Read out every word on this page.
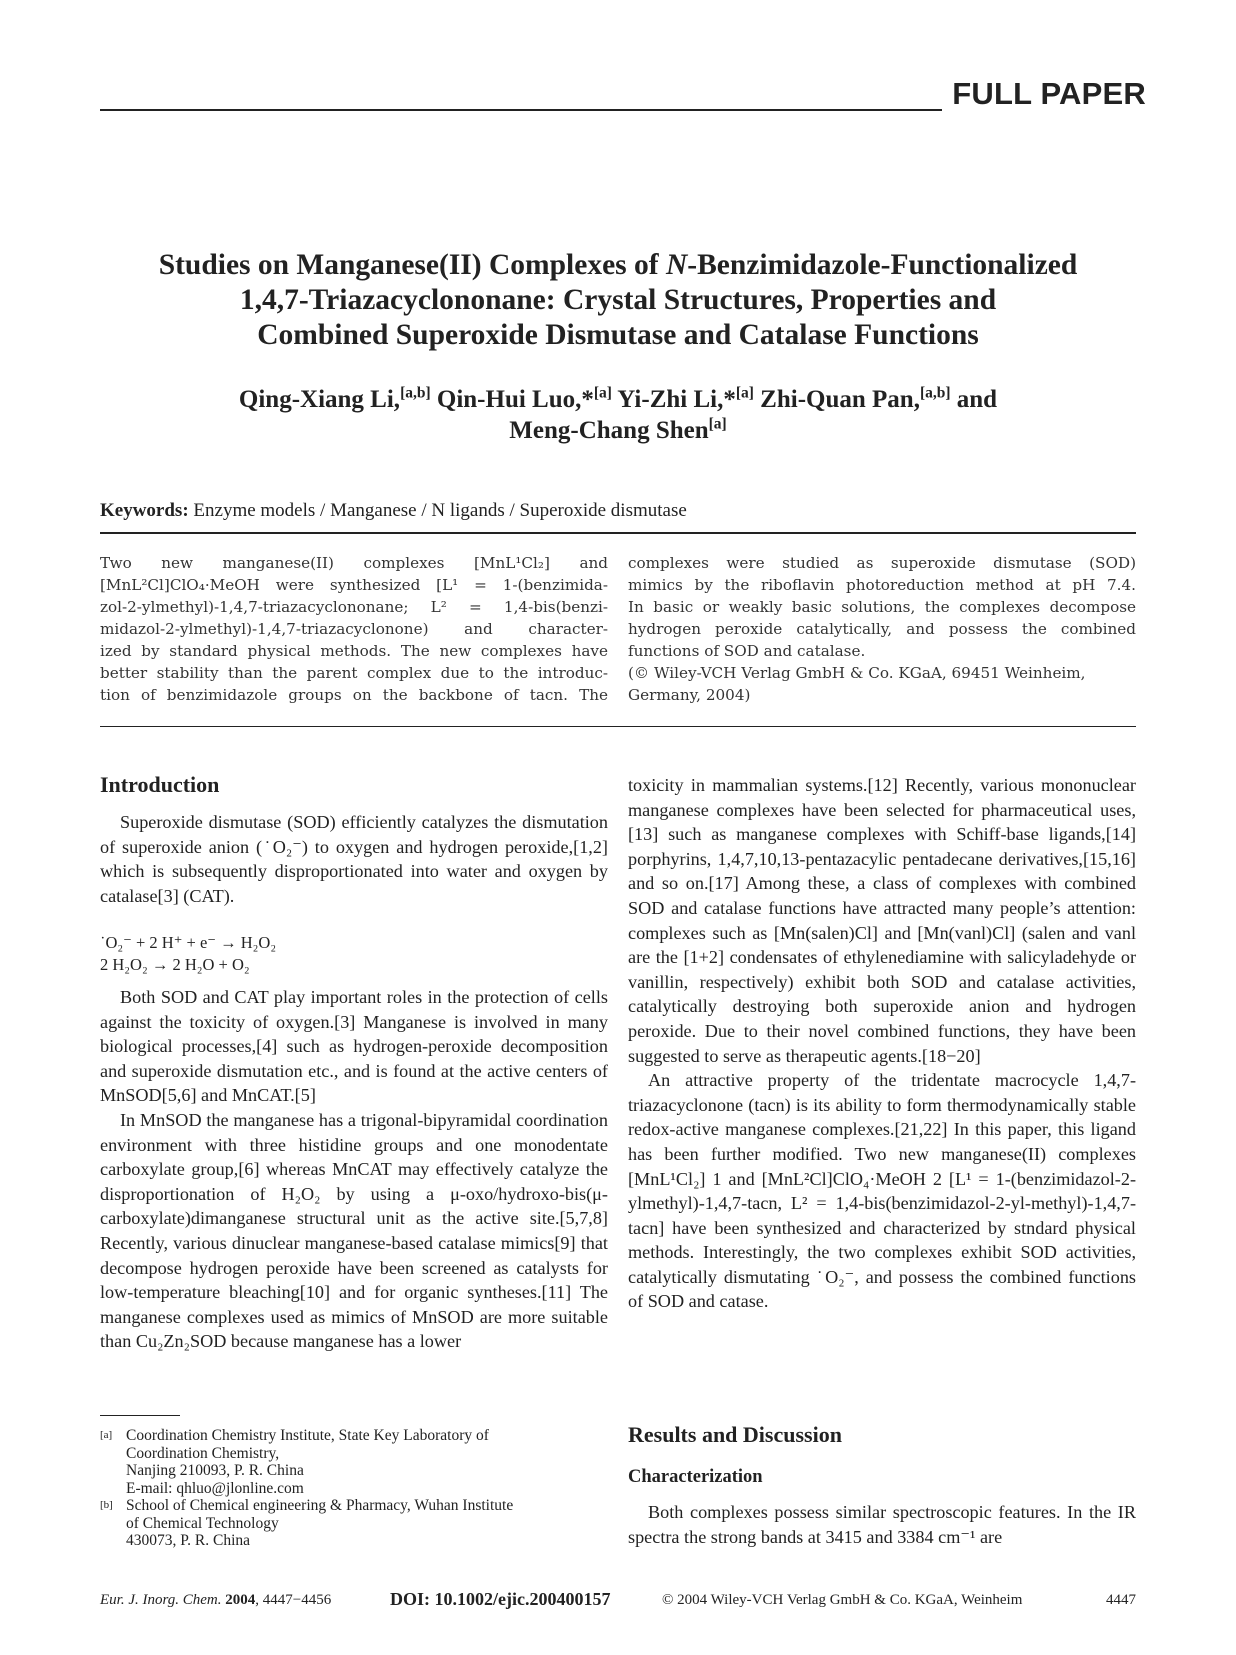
FULL PAPER
Studies on Manganese(II) Complexes of N-Benzimidazole-Functionalized
1,4,7-Triazacyclononane: Crystal Structures, Properties and
Combined Superoxide Dismutase and Catalase Functions
Qing-Xiang Li,[a,b] Qin-Hui Luo,*[a] Yi-Zhi Li,*[a] Zhi-Quan Pan,[a,b] and
Meng-Chang Shen[a]
Keywords: Enzyme models / Manganese / N ligands / Superoxide dismutase
Two new manganese(II) complexes [MnL¹Cl₂] and
[MnL²Cl]ClO₄·MeOH were synthesized [L¹ = 1-(benzimida-
zol-2-ylmethyl)-1,4,7-triazacyclononane; L² = 1,4-bis(benzi-
midazol-2-ylmethyl)-1,4,7-triazacyclonone) and character-
ized by standard physical methods. The new complexes have
better stability than the parent complex due to the introduc-
tion of benzimidazole groups on the backbone of tacn. The
complexes were studied as superoxide dismutase (SOD)
mimics by the riboflavin photoreduction method at pH 7.4.
In basic or weakly basic solutions, the complexes decompose
hydrogen peroxide catalytically, and possess the combined
functions of SOD and catalase.
(© Wiley-VCH Verlag GmbH & Co. KGaA, 69451 Weinheim,
Germany, 2004)
Introduction

Superoxide dismutase (SOD) efficiently catalyzes the dismutation of superoxide anion (˙O₂⁻) to oxygen and hydrogen peroxide,[1,2] which is subsequently disproportionated into water and oxygen by catalase[3] (CAT).

˙O₂⁻ + 2 H⁺ + e⁻ → H₂O₂
2 H₂O₂ → 2 H₂O + O₂

Both SOD and CAT play important roles in the protection of cells against the toxicity of oxygen.[3] Manganese is involved in many biological processes,[4] such as hydrogen-peroxide decomposition and superoxide dismutation etc., and is found at the active centers of MnSOD[5,6] and MnCAT.[5]

In MnSOD the manganese has a trigonal-bipyramidal coordination environment with three histidine groups and one monodentate carboxylate group,[6] whereas MnCAT may effectively catalyze the disproportionation of H₂O₂ by using a μ-oxo/hydroxo-bis(μ-carboxylate)dimanganese structural unit as the active site.[5,7,8] Recently, various dinuclear manganese-based catalase mimics[9] that decompose hydrogen peroxide have been screened as catalysts for low-temperature bleaching[10] and for organic syntheses.[11] The manganese complexes used as mimics of MnSOD are more suitable than Cu₂Zn₂SOD because manganese has a lower

[a] Coordination Chemistry Institute, State Key Laboratory of
Coordination Chemistry,
Nanjing 210093, P. R. China
E-mail: qhluo@jlonline.com
[b] School of Chemical engineering & Pharmacy, Wuhan Institute
of Chemical Technology
430073, P. R. China

toxicity in mammalian systems.[12] Recently, various mononuclear manganese complexes have been selected for pharmaceutical uses,[13] such as manganese complexes with Schiff-base ligands,[14] porphyrins, 1,4,7,10,13-pentazacylic pentadecane derivatives,[15,16] and so on.[17] Among these, a class of complexes with combined SOD and catalase functions have attracted many people’s attention: complexes such as [Mn(salen)Cl] and [Mn(vanl)Cl] (salen and vanl are the [1+2] condensates of ethylenediamine with salicyladehyde or vanillin, respectively) exhibit both SOD and catalase activities, catalytically destroying both superoxide anion and hydrogen peroxide. Due to their novel combined functions, they have been suggested to serve as therapeutic agents.[18−20]

An attractive property of the tridentate macrocycle 1,4,7-triazacyclonone (tacn) is its ability to form thermodynamically stable redox-active manganese complexes.[21,22] In this paper, this ligand has been further modified. Two new manganese(II) complexes [MnL¹Cl₂] 1 and [MnL²Cl]ClO₄·MeOH 2 [L¹ = 1-(benzimidazol-2-ylmethyl)-1,4,7-tacn, L² = 1,4-bis(benzimidazol-2-yl-methyl)-1,4,7-tacn] have been synthesized and characterized by stndard physical methods. Interestingly, the two complexes exhibit SOD activities, catalytically dismutating ˙O₂⁻, and possess the combined functions of SOD and catase.

Results and Discussion
Characterization

Both complexes possess similar spectroscopic features. In the IR spectra the strong bands at 3415 and 3384 cm⁻¹ are

Eur. J. Inorg. Chem. 2004, 4447−4456	DOI: 10.1002/ejic.200400157	© 2004 Wiley-VCH Verlag GmbH & Co. KGaA, Weinheim	4447
